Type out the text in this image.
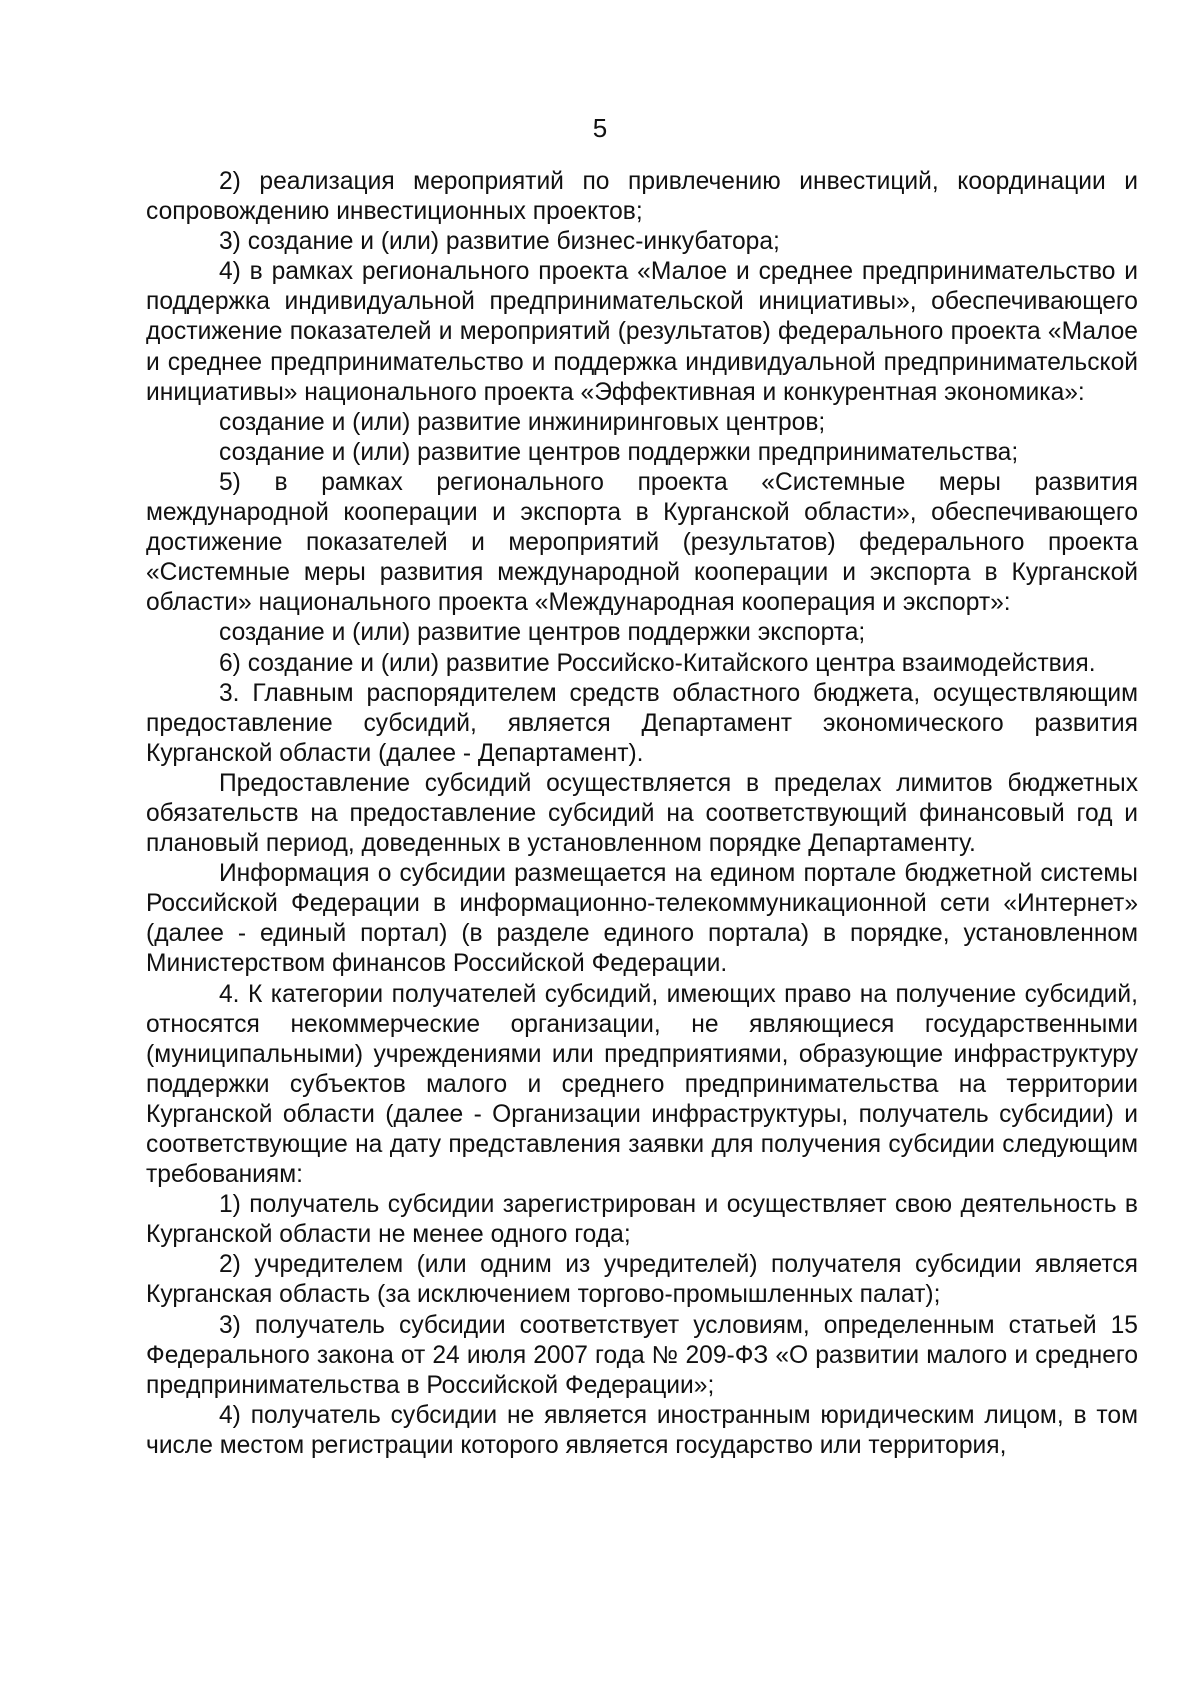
5

2) реализация мероприятий по привлечению инвестиций, координации и сопровождению инвестиционных проектов;

3) создание и (или) развитие бизнес-инкубатора;

4) в рамках регионального проекта «Малое и среднее предпринимательство и поддержка индивидуальной предпринимательской инициативы», обеспечивающего достижение показателей и мероприятий (результатов) федерального проекта «Малое и среднее предпринимательство и поддержка индивидуальной предпринимательской инициативы» национального проекта «Эффективная и конкурентная экономика»:

создание и (или) развитие инжиниринговых центров;

создание и (или) развитие центров поддержки предпринимательства;

5) в рамках регионального проекта «Системные меры развития международной кооперации и экспорта в Курганской области», обеспечивающего достижение показателей и мероприятий (результатов) федерального проекта «Системные меры развития международной кооперации и экспорта в Курганской области» национального проекта «Международная кооперация и экспорт»:

создание и (или) развитие центров поддержки экспорта;

6) создание и (или) развитие Российско-Китайского центра взаимодействия.

3. Главным распорядителем средств областного бюджета, осуществляющим предоставление субсидий, является Департамент экономического развития Курганской области (далее - Департамент).

Предоставление субсидий осуществляется в пределах лимитов бюджетных обязательств на предоставление субсидий на соответствующий финансовый год и плановый период, доведенных в установленном порядке Департаменту.

Информация о субсидии размещается на едином портале бюджетной системы Российской Федерации в информационно-телекоммуникационной сети «Интернет» (далее - единый портал) (в разделе единого портала) в порядке, установленном Министерством финансов Российской Федерации.

4. К категории получателей субсидий, имеющих право на получение субсидий, относятся некоммерческие организации, не являющиеся государственными (муниципальными) учреждениями или предприятиями, образующие инфраструктуру поддержки субъектов малого и среднего предпринимательства на территории Курганской области (далее - Организации инфраструктуры, получатель субсидии) и соответствующие на дату представления заявки для получения субсидии следующим требованиям:

1) получатель субсидии зарегистрирован и осуществляет свою деятельность в Курганской области не менее одного года;

2) учредителем (или одним из учредителей) получателя субсидии является Курганская область (за исключением торгово-промышленных палат);

3) получатель субсидии соответствует условиям, определенным статьей 15 Федерального закона от 24 июля 2007 года № 209-ФЗ «О развитии малого и среднего предпринимательства в Российской Федерации»;

4) получатель субсидии не является иностранным юридическим лицом, в том числе местом регистрации которого является государство или территория,
